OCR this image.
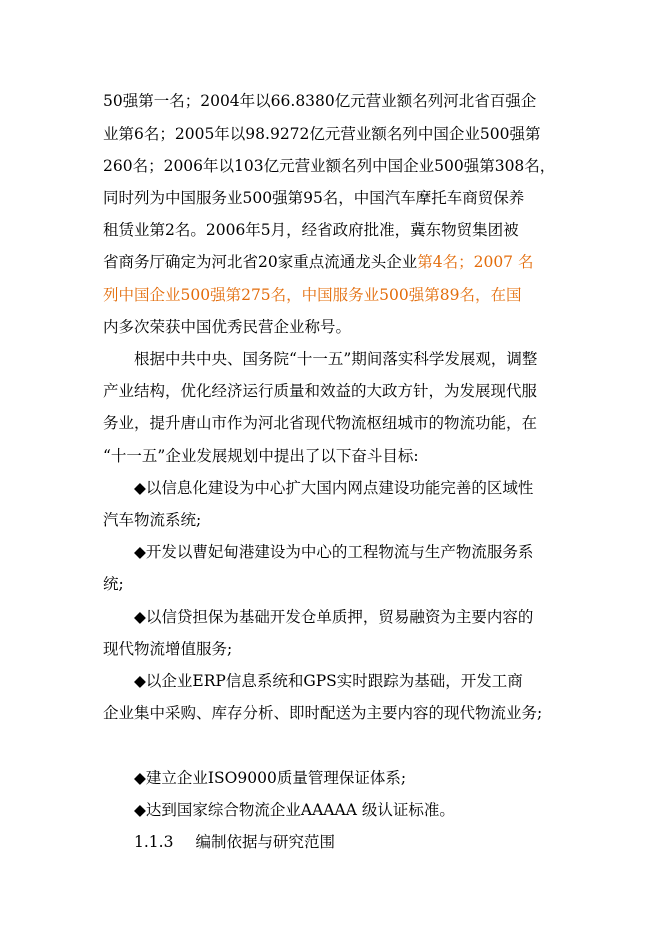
50强第一名；2004年以66.8380亿元营业额名列河北省百强企
业第6名；2005年以98.9272亿元营业额名列中国企业500强第
260名；2006年以103亿元营业额名列中国企业500强第308名，
同时列为中国服务业500强第95名，中国汽车摩托车商贸保养
租赁业第2名。2006年5月，经省政府批准，冀东物贸集团被
省商务厅确定为河北省20家重点流通龙头企业第4名；2007 名
列中国企业500强第275名，中国服务业500强第89名，在国
内多次荣获中国优秀民营企业称号。
根据中共中央、国务院“十一五”期间落实科学发展观，调整
产业结构，优化经济运行质量和效益的大政方针，为发展现代服
务业，提升唐山市作为河北省现代物流枢纽城市的物流功能，在
“十一五”企业发展规划中提出了以下奋斗目标:
◆以信息化建设为中心扩大国内网点建设功能完善的区域性
汽车物流系统;
◆开发以曹妃甸港建设为中心的工程物流与生产物流服务系
统;
◆以信贷担保为基础开发仓单质押，贸易融资为主要内容的
现代物流增值服务;
◆以企业ERP信息系统和GPS实时跟踪为基础，开发工商
企业集中采购、库存分析、即时配送为主要内容的现代物流业务;
◆建立企业ISO9000质量管理保证体系;
◆达到国家综合物流企业AAAAA 级认证标准。
1.1.3 编制依据与研究范围
